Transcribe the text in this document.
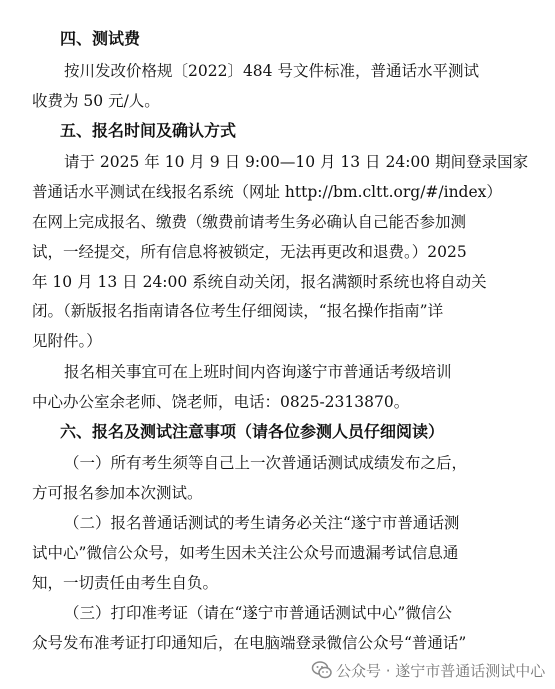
四、测试费
按川发改价格规〔2022〕484 号文件标准，普通话水平测试
收费为 50 元/人。
五、报名时间及确认方式
请于 2025 年 10 月 9 日 9:00—10 月 13 日 24:00 期间登录国家
普通话水平测试在线报名系统（网址 http://bm.cltt.org/#/index）
在网上完成报名、缴费（缴费前请考生务必确认自己能否参加测
试，一经提交，所有信息将被锁定，无法再更改和退费。）2025
年 10 月 13 日 24:00 系统自动关闭，报名满额时系统也将自动关
闭。（新版报名指南请各位考生仔细阅读，“报名操作指南”详
见附件。）
报名相关事宜可在上班时间内咨询遂宁市普通话考级培训
中心办公室余老师、饶老师，电话：0825-2313870。
六、报名及测试注意事项（请各位参测人员仔细阅读）
（一）所有考生须等自己上一次普通话测试成绩发布之后，
方可报名参加本次测试。
（二）报名普通话测试的考生请务必关注“遂宁市普通话测
试中心”微信公众号，如考生因未关注公众号而遗漏考试信息通
知，一切责任由考生自负。
（三）打印准考证（请在“遂宁市普通话测试中心”微信公
众号发布准考证打印通知后，在电脑端登录微信公众号“普通话”
公众号 · 遂宁市普通话测试中心
